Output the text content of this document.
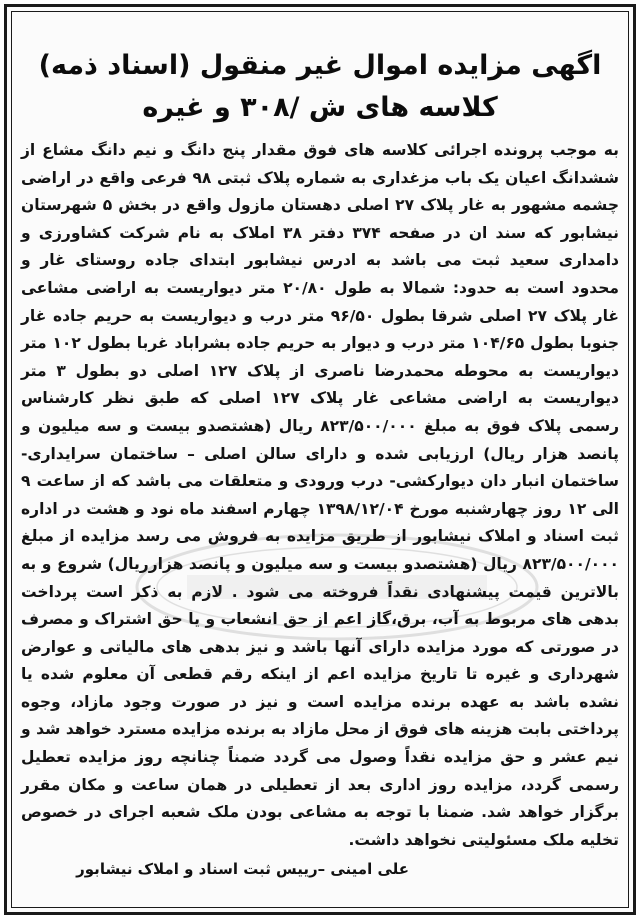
اگهی مزایده اموال غیر منقول (اسناد ذمه)
کلاسه های ش /۳۰۸ و غیره

به موجب پرونده اجرائی کلاسه های فوق مقدار پنج دانگ و نیم دانگ مشاع از ششدانگ اعیان یک باب مزغداری به شماره پلاک ثبتی ۹۸ فرعی واقع در اراضی چشمه مشهور به غار پلاک ۲۷ اصلی دهستان مازول واقع در بخش ۵ شهرستان نیشابور که سند ان در صفحه ۳۷۴ دفتر ۳۸ املاک به نام شرکت کشاورزی و دامداری سعید ثبت می باشد به ادرس نیشابور ابتدای جاده روستای غار و محدود است به حدود: شمالا به طول ۲۰/۸۰ متر دیواریست به اراضی مشاعی غار پلاک ۲۷ اصلی شرقا بطول ۹۶/۵۰ متر درب و دیواریست به حریم جاده غار جنوبا بطول ۱۰۴/۶۵ متر درب و دیوار به حریم جاده بشراباد غربا بطول ۱۰۲ متر دیواریست به محوطه محمدرضا ناصری از پلاک ۱۲۷ اصلی دو بطول ۳ متر دیواریست به اراضی مشاعی غار پلاک ۱۲۷ اصلی که طبق نظر کارشناس رسمی پلاک فوق به مبلغ ۸۲۳/۵۰۰/۰۰۰ ریال (هشتصدو بیست و سه میلیون و پانصد هزار ریال) ارزیابی شده و دارای سالن اصلی – ساختمان سرایداری- ساختمان انبار دان دیوارکشی- درب ورودی و متعلقات می باشد که از ساعت ۹ الی ۱۲ روز چهارشنبه مورخ ۱۳۹۸/۱۲/۰۴ چهارم اسفند ماه نود و هشت در اداره ثبت اسناد و املاک نیشابور از طریق مزایده به فروش می رسد مزایده از مبلغ ۸۲۳/۵۰۰/۰۰۰ ریال (هشتصدو بیست و سه میلیون و پانصد هزارریال) شروع و به بالاترین قیمت پیشنهادی نقداً فروخته می شود . لازم به ذکر است پرداخت بدهی های مربوط به آب، برق،گاز اعم از حق انشعاب و یا حق اشتراک و مصرف در صورتی که مورد مزایده دارای آنها باشد و نیز بدهی های مالیاتی و عوارض شهرداری و غیره تا تاریخ مزایده اعم از اینکه رقم قطعی آن معلوم شده یا نشده باشد به عهده برنده مزایده است و نیز در صورت وجود مازاد، وجوه پرداختی بابت هزینه های فوق از محل مازاد به برنده مزایده مسترد خواهد شد و نیم عشر و حق مزایده نقداً وصول می گردد ضمناً چنانچه روز مزایده تعطیل رسمی گردد، مزایده روز اداری بعد از تعطیلی در همان ساعت و مکان مقرر برگزار خواهد شد. ضمنا با توجه به مشاعی بودن ملک شعبه اجرای در خصوص تخلیه ملک مسئولیتی نخواهد داشت.

علی امینی –رییس ثبت اسناد و املاک نیشابور
